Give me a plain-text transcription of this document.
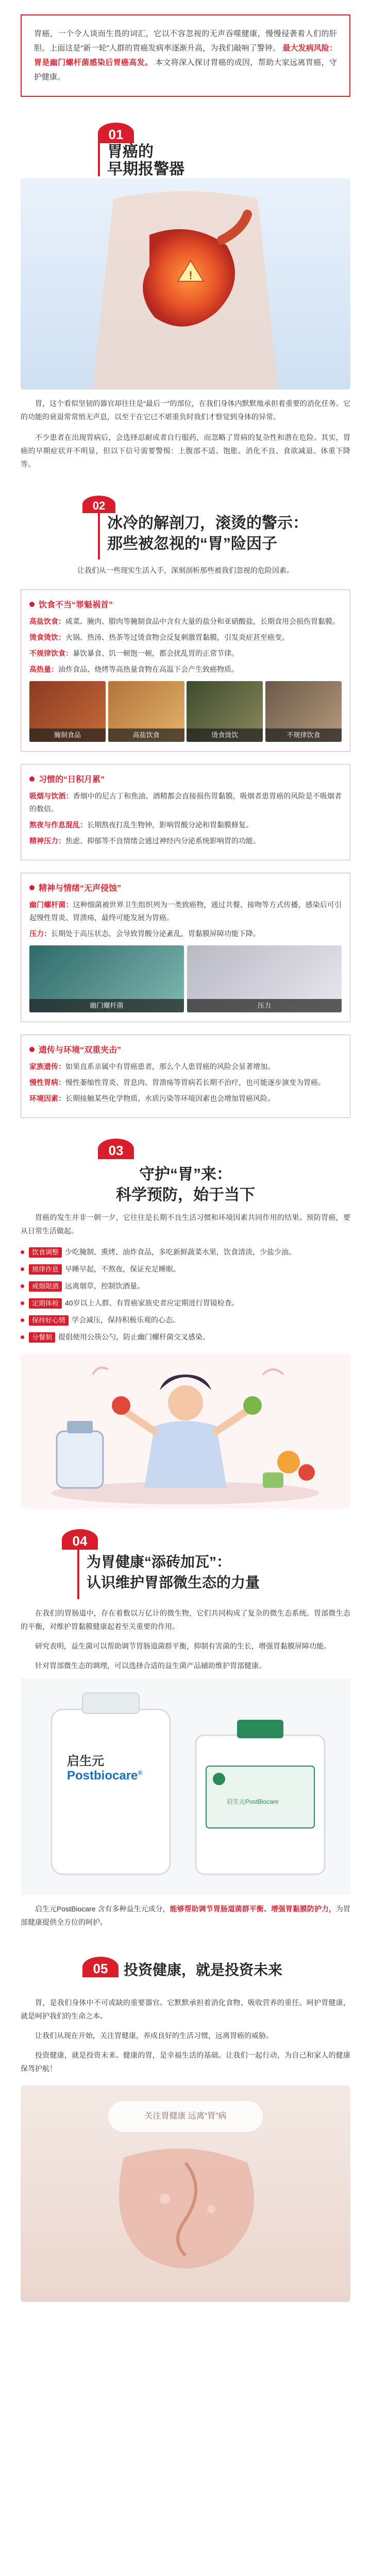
胃癌，一个令人谈而生畏的词汇，它以不容忽视的无声吞噬健康，慢慢侵袭着人们的肝胆。上面这是“新一轮”人群的胃癌发病率逐渐升高，为我们敲响了警钟。 最大发病风险：胃是幽门螺杆菌感染后胃癌高发。 本文将深入探讨胃癌的成因，帮助大家远离胃癌，守护健康。
01
胃癌的
早期报警器
!

胃，这个看似坚韧的器官却往往是“最后一”的部位，在我们身体内默默地承担着重要的消化任务。它的功能的衰退常常悄无声息，以至于在它已不堪重负时我们才察觉到身体的异常。

不少患者在出现胃病后，会选择忍耐或者自行服药，而忽略了胃病的复杂性和潜在危险。其实，胃癌的早期症状并不明显，但以下信号需要警惕：上腹部不适、饱胀、消化不良、食欲减退、体重下降等。

02
冰冷的解剖刀，滚烫的警示：
那些被忽视的“胃”险因子

让我们从一些现实生活入手，深刻剖析那些被我们忽视的危险因素。

饮食不当“罪魁祸首”

高盐饮食：咸菜、腌肉、腊肉等腌制食品中含有大量的盐分和亚硝酸盐，长期食用会损伤胃黏膜。

烫食烫饮：火锅、热汤、热茶等过烫食物会反复刺激胃黏膜，引发炎症甚至癌变。

不规律饮食：暴饮暴食、饥一顿饱一顿，都会扰乱胃的正常节律。

高热量：油炸食品、烧烤等高热量食物在高温下会产生致癌物质。

腌制食品	高盐饮食	烫食烫饮	不规律饮食
习惯的“日积月累”

吸烟与饮酒：香烟中的尼古丁和焦油、酒精都会直接损伤胃黏膜，吸烟者患胃癌的风险是不吸烟者的数倍。

熬夜与作息混乱：长期熬夜打乱生物钟，影响胃酸分泌和胃黏膜修复。

精神压力：焦虑、抑郁等不良情绪会通过神经内分泌系统影响胃的功能。

精神与情绪“无声侵蚀”

幽门螺杆菌：这种细菌被世界卫生组织列为一类致癌物，通过共餐、接吻等方式传播，感染后可引起慢性胃炎、胃溃疡，最终可能发展为胃癌。

压力：长期处于高压状态，会导致胃酸分泌紊乱，胃黏膜屏障功能下降。

幽门螺杆菌	压力
遗传与环境“双重夹击”

家族遗传：如果直系亲属中有胃癌患者，那么个人患胃癌的风险会显著增加。

慢性胃病：慢性萎缩性胃炎、胃息肉、胃溃疡等胃病若长期不治疗，也可能逐步演变为胃癌。

环境因素：长期接触某些化学物质、水质污染等环境因素也会增加胃癌风险。

03
守护“胃”来：
科学预防，始于当下

胃癌的发生并非一朝一夕，它往往是长期不良生活习惯和环境因素共同作用的结果。预防胃癌，要从日常生活做起。

饮食调整 少吃腌制、熏烤、油炸食品，多吃新鲜蔬菜水果，饮食清淡，少盐少油。
规律作息 早睡早起，不熬夜，保证充足睡眠。
戒烟限酒 远离烟草，控制饮酒量。
定期体检 40岁以上人群、有胃癌家族史者应定期进行胃镜检查。
保持好心情 学会减压，保持积极乐观的心态。
分餐制 提倡使用公筷公勺，防止幽门螺杆菌交叉感染。
04
为胃健康“添砖加瓦”：
认识维护胃部微生态的力量

在我们的胃肠道中，存在着数以万亿计的微生物，它们共同构成了复杂的微生态系统。胃部微生态的平衡，对维护胃黏膜健康起着至关重要的作用。

研究表明，益生菌可以帮助调节胃肠道菌群平衡，抑制有害菌的生长，增强胃黏膜屏障功能。

针对胃部微生态的调理，可以选择合适的益生菌产品辅助维护胃部健康。

启生元
Postbiocare®
启生元PostBiocare

启生元PostBiocare 含有多种益生元成分，能够帮助调节胃肠道菌群平衡、增强胃黏膜防护力，为胃部健康提供全方位的呵护。

05	投资健康，就是投资未来

胃，是我们身体中不可或缺的重要器官。它默默承担着消化食物、吸收营养的重任。呵护胃健康，就是呵护我们的生命之本。

让我们从现在开始，关注胃健康，养成良好的生活习惯，远离胃癌的威胁。

投资健康，就是投资未来。健康的胃，是幸福生活的基础。让我们一起行动，为自己和家人的健康保驾护航！

关注胃健康 远离“胃”病
